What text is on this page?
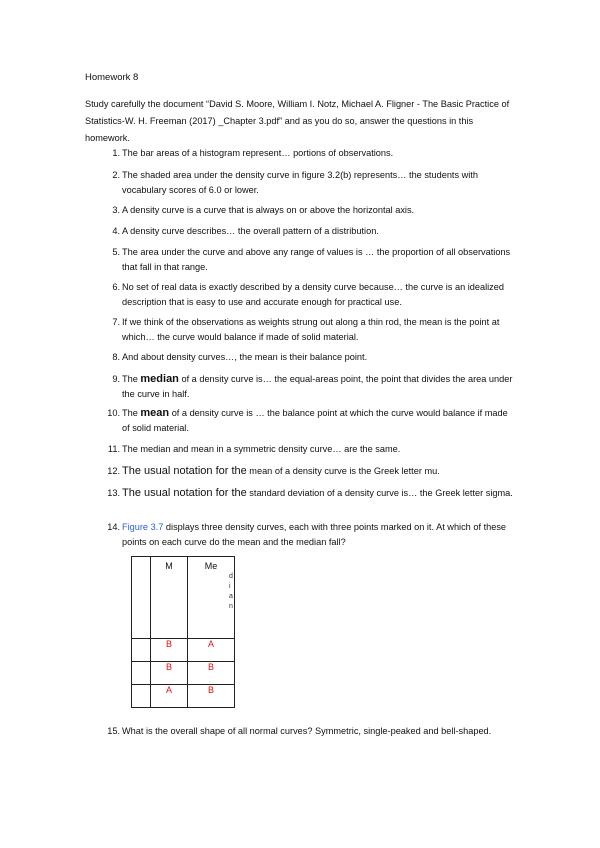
Homework 8
Study carefully the document “David S. Moore, William I. Notz, Michael A. Fligner - The Basic Practice of Statistics-W. H. Freeman (2017) _Chapter 3.pdf” and as you do so, answer the questions in this homework.
1. The bar areas of a histogram represent… portions of observations.
2. The shaded area under the density curve in figure 3.2(b) represents… the students with vocabulary scores of 6.0 or lower.
3. A density curve is a curve that is always on or above the horizontal axis.
4. A density curve describes… the overall pattern of a distribution.
5. The area under the curve and above any range of values is … the proportion of all observations that fall in that range.
6. No set of real data is exactly described by a density curve because… the curve is an idealized description that is easy to use and accurate enough for practical use.
7. If we think of the observations as weights strung out along a thin rod, the mean is the point at which… the curve would balance if made of solid material.
8. And about density curves…, the mean is their balance point.
9. The median of a density curve is… the equal-areas point, the point that divides the area under the curve in half.
10. The mean of a density curve is … the balance point at which the curve would balance if made of solid material.
11. The median and mean in a symmetric density curve… are the same.
12. The usual notation for the mean of a density curve is the Greek letter mu.
13. The usual notation for the standard deviation of a density curve is… the Greek letter sigma.
14. Figure 3.7 displays three density curves, each with three points marked on it. At which of these points on each curve do the mean and the median fall?
15. What is the overall shape of all normal curves? Symmetric, single-peaked and bell-shaped.
	M	Me
	B	A
	B	B
	A	B
d
i
a
n
